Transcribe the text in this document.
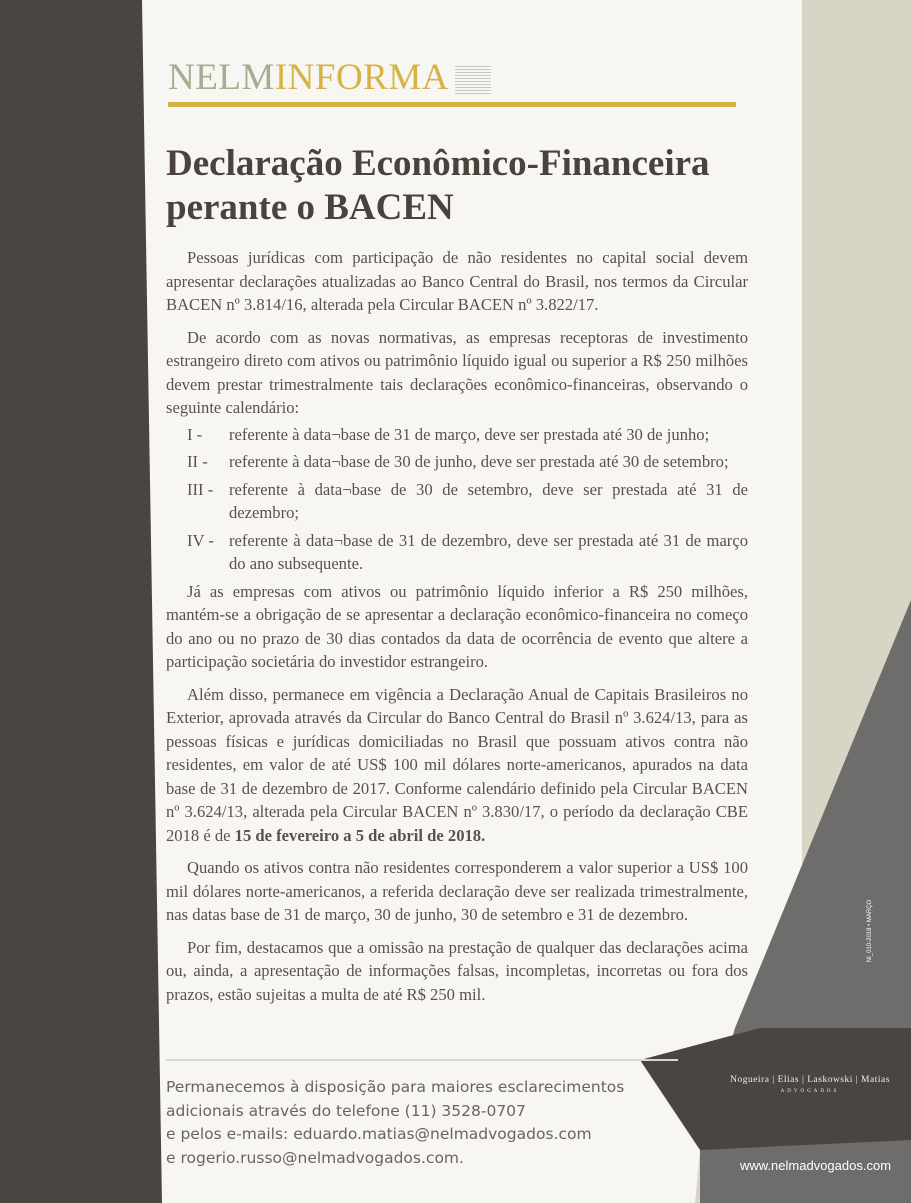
NELMINFORMA
Declaração Econômico-Financeira
perante o BACEN

Pessoas jurídicas com participação de não residentes no capital social devem apresentar declarações atualizadas ao Banco Central do Brasil, nos termos da Circular BACEN nº 3.814/16, alterada pela Circular BACEN nº 3.822/17.

De acordo com as novas normativas, as empresas receptoras de investimento estrangeiro direto com ativos ou patrimônio líquido igual ou superior a R$ 250 milhões devem prestar trimestralmente tais declarações econômico-financeiras, observando o seguinte calendário:

I - referente à data¬base de 31 de março, deve ser prestada até 30 de junho;
II - referente à data¬base de 30 de junho, deve ser prestada até 30 de setembro;
III - referente à data¬base de 30 de setembro, deve ser prestada até 31 de dezembro;
IV - referente à data¬base de 31 de dezembro, deve ser prestada até 31 de março do ano subsequente.

Já as empresas com ativos ou patrimônio líquido inferior a R$ 250 milhões, mantém-se a obrigação de se apresentar a declaração econômico-financeira no começo do ano ou no prazo de 30 dias contados da data de ocorrência de evento que altere a participação societária do investidor estrangeiro.

Além disso, permanece em vigência a Declaração Anual de Capitais Brasileiros no Exterior, aprovada através da Circular do Banco Central do Brasil nº 3.624/13, para as pessoas físicas e jurídicas domiciliadas no Brasil que possuam ativos contra não residentes, em valor de até US$ 100 mil dólares norte-americanos, apurados na data base de 31 de dezembro de 2017. Conforme calendário definido pela Circular BACEN nº 3.624/13, alterada pela Circular BACEN nº 3.830/17, o período da declaração CBE 2018 é de 15 de fevereiro a 5 de abril de 2018.

Quando os ativos contra não residentes corresponderem a valor superior a US$ 100 mil dólares norte-americanos, a referida declaração deve ser realizada trimestralmente, nas datas base de 31 de março, 30 de junho, 30 de setembro e 31 de dezembro.

Por fim, destacamos que a omissão na prestação de qualquer das declarações acima ou, ainda, a apresentação de informações falsas, incompletas, incorretas ou fora dos prazos, estão sujeitas a multa de até R$ 250 mil.

Permanecemos à disposição para maiores esclarecimentos
adicionais através do telefone (11) 3528-0707
e pelos e-mails: eduardo.matias@nelmadvogados.com
e rogerio.russo@nelmadvogados.com.
Nogueira | Elias | Laskowski | Matias
ADVOGADOS
www.nelmadvogados.com
NI_010-2018 • MARÇO
